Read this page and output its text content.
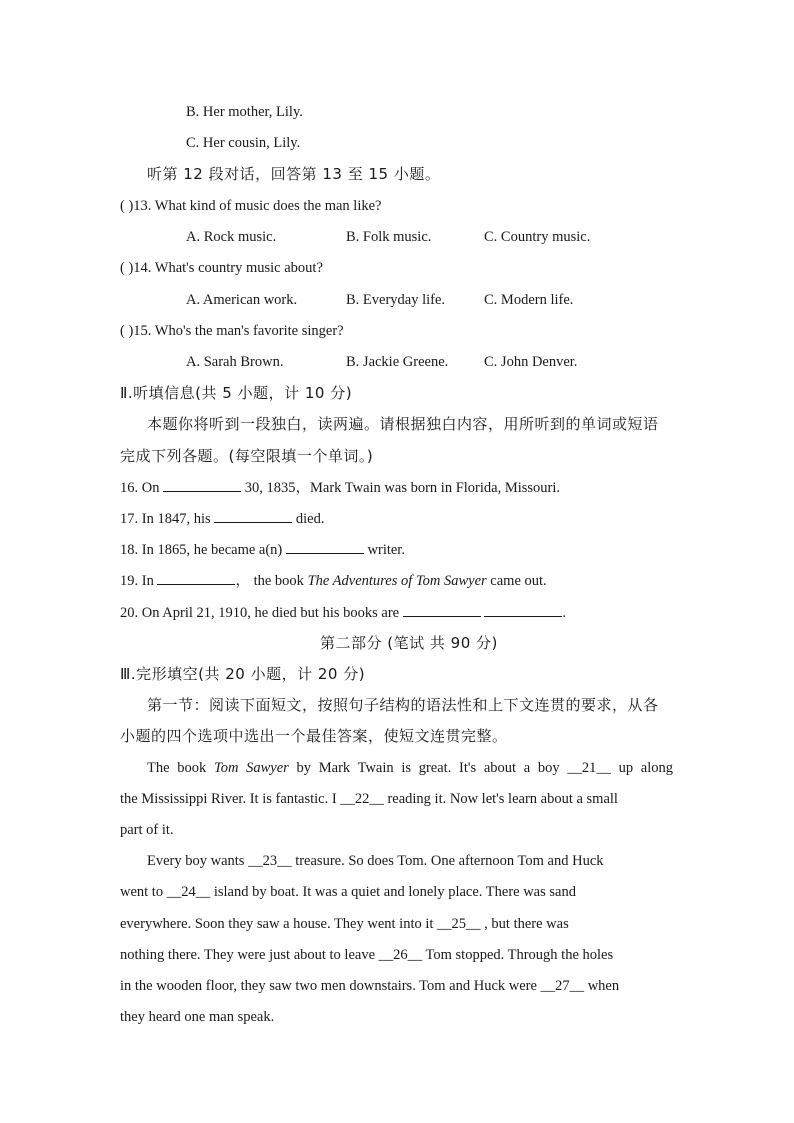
B. Her mother, Lily.
C. Her cousin, Lily.
听第 12 段对话，回答第 13 至 15 小题。
( )13. What kind of music does the man like?
A. Rock music.	B. Folk music.	C. Country music.
( )14. What's country music about?
A. American work.	B. Everyday life.	C. Modern life.
( )15. Who's the man's favorite singer?
A. Sarah Brown.	B. Jackie Greene. C. John Denver.
Ⅱ.听填信息(共 5 小题，计 10 分)
本题你将听到一段独白，读两遍。请根据独白内容，用所听到的单词或短语
完成下列各题。(每空限填一个单词。)
16. On	30, 1835，Mark Twain was born in Florida, Missouri.
17. In 1847, his	died.
18. In 1865, he became a(n)	writer.
19. In	， the book The Adventures of Tom Sawyer came out.
20. On April 21, 1910, he died but his books are	.
第二部分 (笔试 共 90 分)
Ⅲ.完形填空(共 20 小题，计 20 分)
第一节：阅读下面短文，按照句子结构的语法性和上下文连贯的要求，从各
小题的四个选项中选出一个最佳答案，使短文连贯完整。
The book Tom Sawyer by Mark Twain is great. It's about a boy __21__ up along
the Mississippi River. It is fantastic. I __22__ reading it. Now let's learn about a small
part of it.
Every boy wants __23__ treasure. So does Tom. One afternoon Tom and Huck
went to __24__ island by boat. It was a quiet and lonely place. There was sand
everywhere. Soon they saw a house. They went into it __25__ , but there was
nothing there. They were just about to leave __26__ Tom stopped. Through the holes
in the wooden floor, they saw two men downstairs. Tom and Huck were __27__ when
they heard one man speak.
